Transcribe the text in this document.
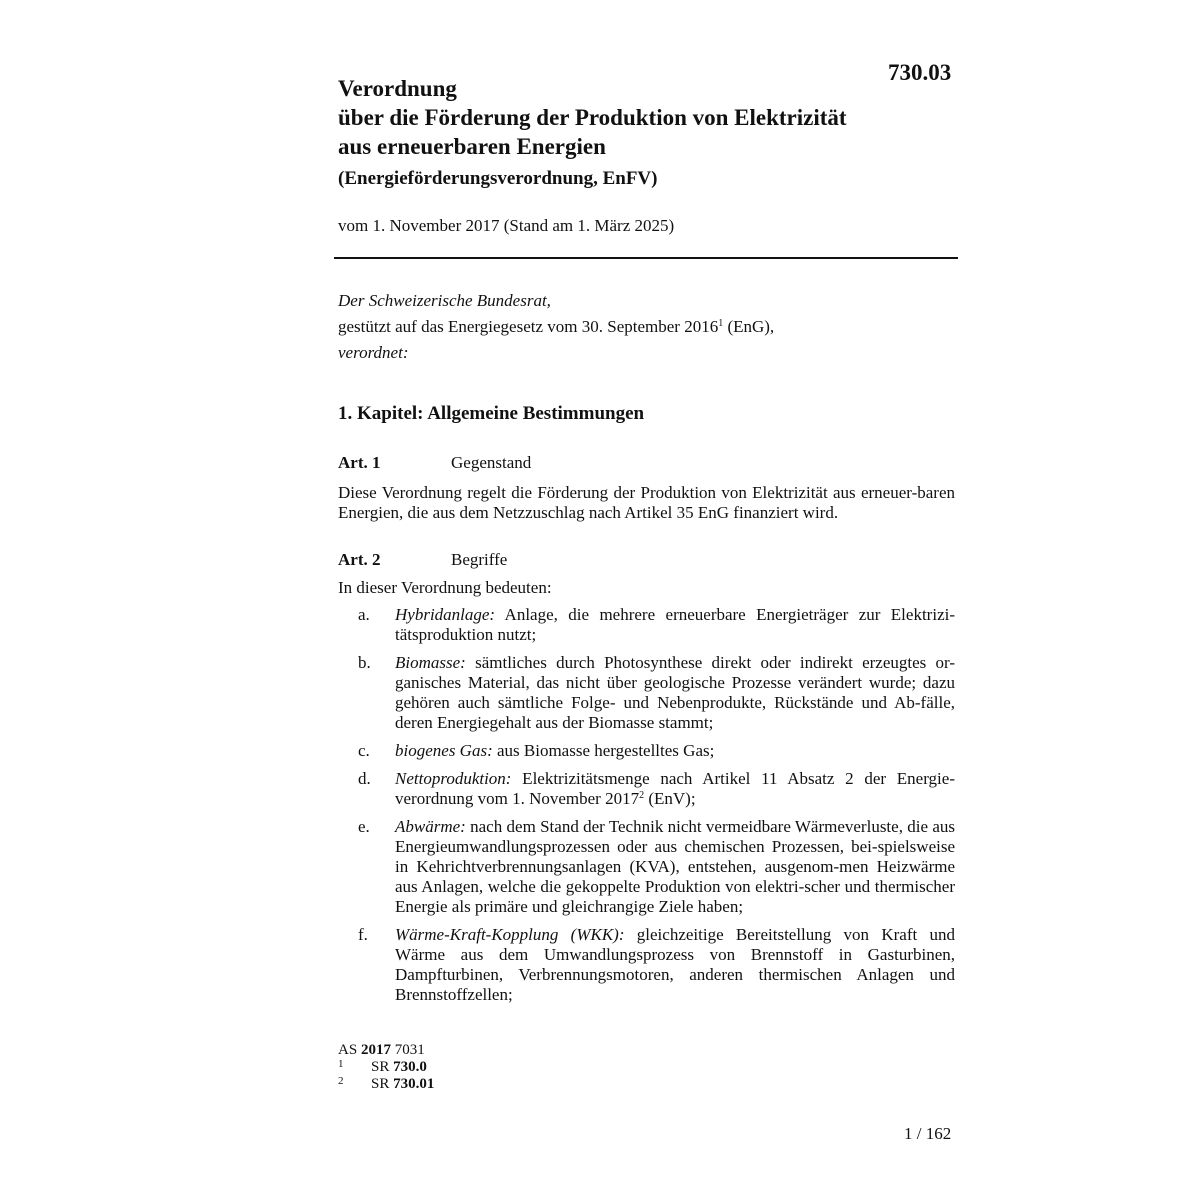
730.03
Verordnung
über die Förderung der Produktion von Elektrizität
aus erneuerbaren Energien
(Energieförderungsverordnung, EnFV)
vom 1. November 2017 (Stand am 1. März 2025)
Der Schweizerische Bundesrat,
gestützt auf das Energiegesetz vom 30. September 2016$^1$ (EnG),
verordnet:
1. Kapitel: Allgemeine Bestimmungen
Art. 1	Gegenstand
Diese Verordnung regelt die Förderung der Produktion von Elektrizität aus erneuer-baren Energien, die aus dem Netzzuschlag nach Artikel 35 EnG finanziert wird.
Art. 2	Begriffe
In dieser Verordnung bedeuten:
a. Hybridanlage: Anlage, die mehrere erneuerbare Energieträger zur Elektrizi-tätsproduktion nutzt;
b. Biomasse: sämtliches durch Photosynthese direkt oder indirekt erzeugtes or-ganisches Material, das nicht über geologische Prozesse verändert wurde; dazu gehören auch sämtliche Folge- und Nebenprodukte, Rückstände und Ab-fälle, deren Energiegehalt aus der Biomasse stammt;
c. biogenes Gas: aus Biomasse hergestelltes Gas;
d. Nettoproduktion: Elektrizitätsmenge nach Artikel 11 Absatz 2 der Energie-verordnung vom 1. November 2017$^2$ (EnV);
e. Abwärme: nach dem Stand der Technik nicht vermeidbare Wärmeverluste, die aus Energieumwandlungsprozessen oder aus chemischen Prozessen, bei-spielsweise in Kehrichtverbrennungsanlagen (KVA), entstehen, ausgenom-men Heizwärme aus Anlagen, welche die gekoppelte Produktion von elektri-scher und thermischer Energie als primäre und gleichrangige Ziele haben;
f. Wärme-Kraft-Kopplung (WKK): gleichzeitige Bereitstellung von Kraft und Wärme aus dem Umwandlungsprozess von Brennstoff in Gasturbinen, Dampfturbinen, Verbrennungsmotoren, anderen thermischen Anlagen und Brennstoffzellen;
AS 2017 7031
1 SR 730.0
2 SR 730.01
1 / 162
